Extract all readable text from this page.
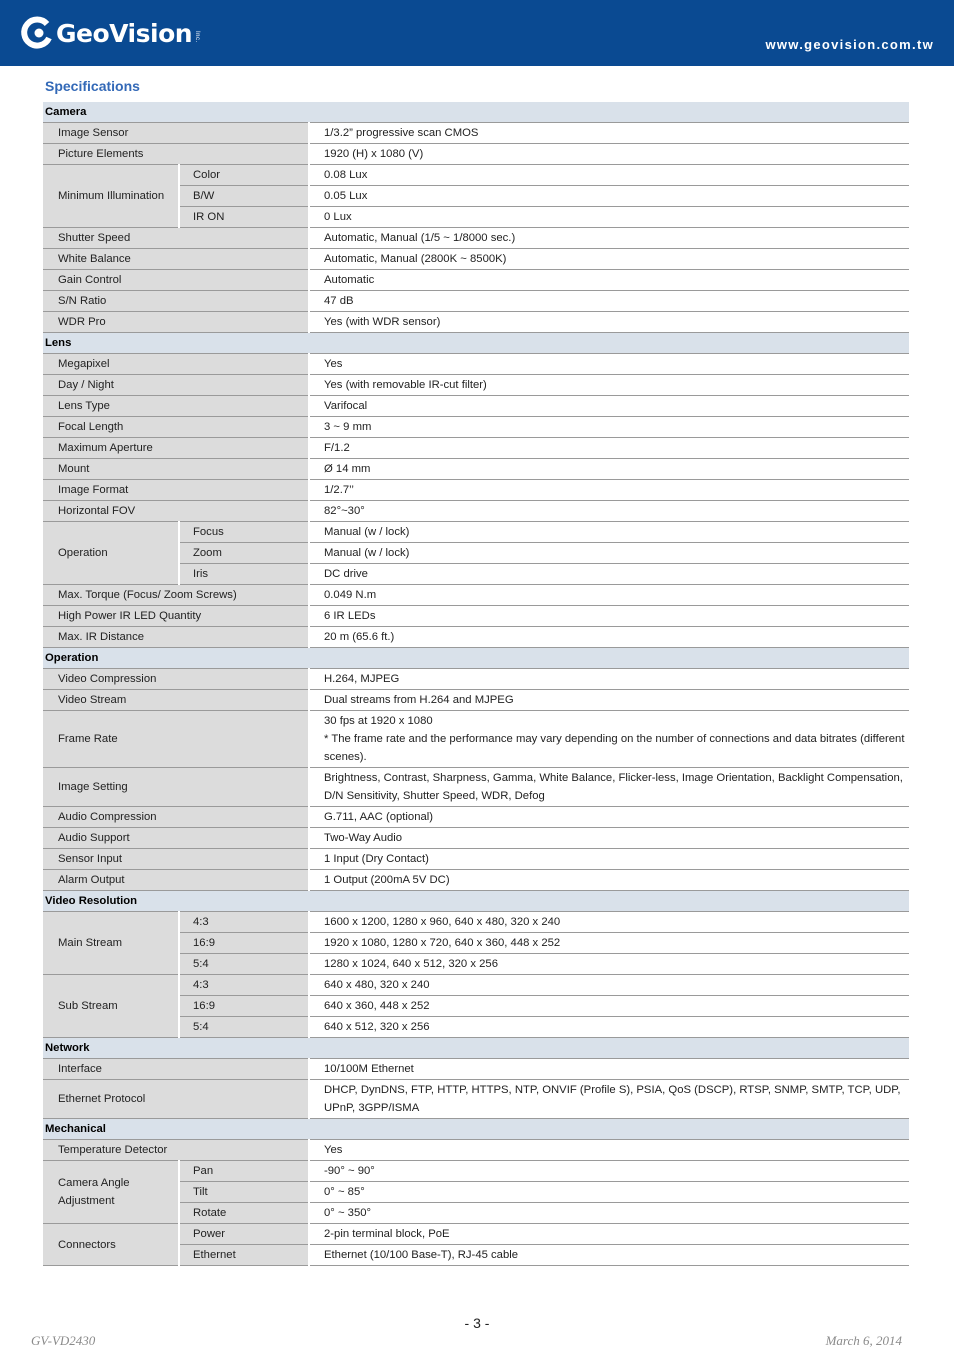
GeoVision Inc.
www.geovision.com.tw
Specifications
Camera		
Image Sensor		1/3.2” progressive scan CMOS
Picture Elements		1920 (H) x 1080 (V)
Minimum Illumination	Color	0.08 Lux
	B/W	0.05 Lux
	IR ON	0 Lux
Shutter Speed		Automatic, Manual (1/5 ~ 1/8000 sec.)
White Balance		Automatic, Manual (2800K ~ 8500K)
Gain Control		Automatic
S/N Ratio		47 dB
WDR Pro		Yes (with WDR sensor)
Lens		
Megapixel		Yes
Day / Night		Yes (with removable IR-cut filter)
Lens Type		Varifocal
Focal Length		3 ~ 9 mm
Maximum Aperture		F/1.2
Mount		Ø 14 mm
Image Format		1/2.7’’
Horizontal FOV		82°~30°
Operation	Focus	Manual (w / lock)
	Zoom	Manual (w / lock)
	Iris	DC drive
Max. Torque (Focus/ Zoom Screws)		0.049 N.m
High Power IR LED Quantity		6 IR LEDs
Max. IR Distance		20 m (65.6 ft.)
Operation		
Video Compression		H.264, MJPEG
Video Stream		Dual streams from H.264 and MJPEG
Frame Rate		30 fps at 1920 x 1080
* The frame rate and the performance may vary depending on the number of connections and data bitrates (different scenes).
Image Setting		Brightness, Contrast, Sharpness, Gamma, White Balance, Flicker-less, Image Orientation, Backlight Compensation, D/N Sensitivity, Shutter Speed, WDR, Defog
Audio Compression		G.711, AAC (optional)
Audio Support		Two-Way Audio
Sensor Input		1 Input (Dry Contact)
Alarm Output		1 Output (200mA 5V DC)
Video Resolution		
Main Stream	4:3	1600 x 1200, 1280 x 960, 640 x 480, 320 x 240
	16:9	1920 x 1080, 1280 x 720, 640 x 360, 448 x 252
	5:4	1280 x 1024, 640 x 512, 320 x 256
Sub Stream	4:3	640 x 480, 320 x 240
	16:9	640 x 360, 448 x 252
	5:4	640 x 512, 320 x 256
Network		
Interface		10/100M Ethernet
Ethernet Protocol		DHCP, DynDNS, FTP, HTTP, HTTPS, NTP, ONVIF (Profile S), PSIA, QoS (DSCP), RTSP, SNMP, SMTP, TCP, UDP, UPnP, 3GPP/ISMA
Mechanical		
Temperature Detector		Yes
Camera Angle Adjustment	Pan	-90° ~ 90°
	Tilt	0° ~ 85°
	Rotate	0° ~ 350°
Connectors	Power	2-pin terminal block, PoE
	Ethernet	Ethernet (10/100 Base-T), RJ-45 cable
- 3 -
GV-VD2430	March 6, 2014
